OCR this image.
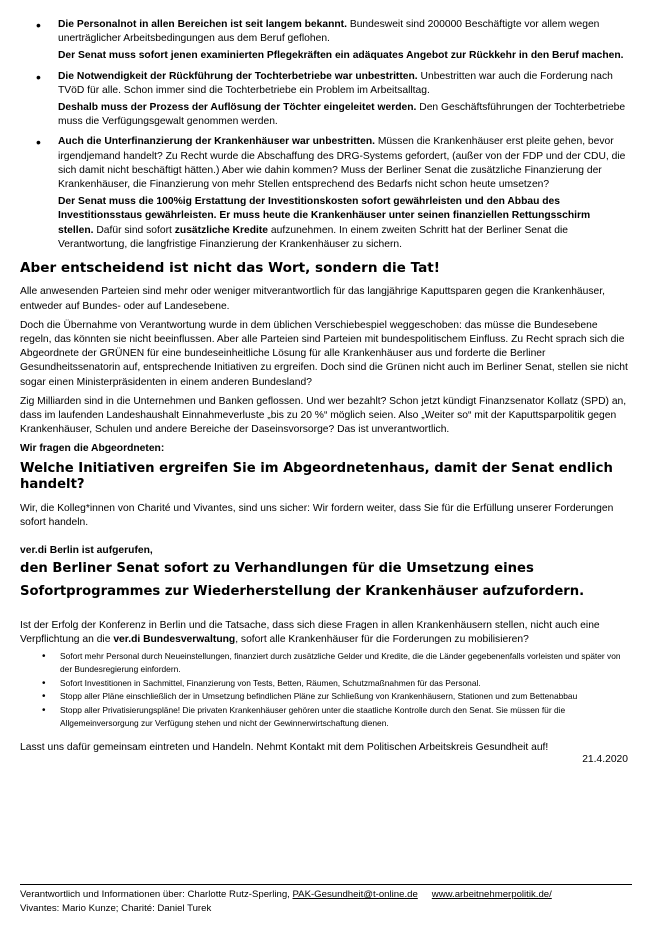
• Die Personalnot in allen Bereichen ist seit langem bekannt. Bundesweit sind 200000 Beschäftigte vor allem wegen unerträglicher Arbeitsbedingungen aus dem Beruf geflohen.

Der Senat muss sofort jenen examinierten Pflegekräften ein adäquates Angebot zur Rückkehr in den Beruf machen.

• Die Notwendigkeit der Rückführung der Tochterbetriebe war unbestritten. Unbestritten war auch die Forderung nach TVöD für alle. Schon immer sind die Tochterbetriebe ein Problem im Arbeitsalltag.

Deshalb muss der Prozess der Auflösung der Töchter eingeleitet werden. Den Geschäftsführungen der Tochterbetriebe muss die Verfügungsgewalt genommen werden.

• Auch die Unterfinanzierung der Krankenhäuser war unbestritten. Müssen die Krankenhäuser erst pleite gehen, bevor irgendjemand handelt? Zu Recht wurde die Abschaffung des DRG-Systems gefordert, (außer von der FDP und der CDU, die sich damit nicht beschäftigt hätten.) Aber wie dahin kommen? Muss der Berliner Senat die zusätzliche Finanzierung der Krankenhäuser, die Finanzierung von mehr Stellen entsprechend des Bedarfs nicht schon heute umsetzen?

Der Senat muss die 100%ig Erstattung der Investitionskosten sofort gewährleisten und den Abbau des Investitionsstaus gewährleisten. Er muss heute die Krankenhäuser unter seinen finanziellen Rettungsschirm stellen. Dafür sind sofort zusätzliche Kredite aufzunehmen. In einem zweiten Schritt hat der Berliner Senat die Verantwortung, die langfristige Finanzierung der Krankenhäuser zu sichern.

Aber entscheidend ist nicht das Wort, sondern die Tat!

Alle anwesenden Parteien sind mehr oder weniger mitverantwortlich für das langjährige Kaputtsparen gegen die Krankenhäuser, entweder auf Bundes- oder auf Landesebene.

Doch die Übernahme von Verantwortung wurde in dem üblichen Verschiebespiel weggeschoben: das müsse die Bundesebene regeln, das könnten sie nicht beeinflussen. Aber alle Parteien sind Parteien mit bundespolitischem Einfluss. Zu Recht sprach sich die Abgeordnete der GRÜNEN für eine bundeseinheitliche Lösung für alle Krankenhäuser aus und forderte die Berliner Gesundheitssenatorin auf, entsprechende Initiativen zu ergreifen. Doch sind die Grünen nicht auch im Berliner Senat, stellen sie nicht sogar einen Ministerpräsidenten in einem anderen Bundesland?

Zig Milliarden sind in die Unternehmen und Banken geflossen. Und wer bezahlt? Schon jetzt kündigt Finanzsenator Kollatz (SPD) an, dass im laufenden Landeshaushalt Einnahmeverluste „bis zu 20 %“ möglich seien. Also „Weiter so“ mit der Kaputtsparpolitik gegen Krankenhäuser, Schulen und andere Bereiche der Daseinsvorsorge? Das ist unverantwortlich.

Wir fragen die Abgeordneten:

Welche Initiativen ergreifen Sie im Abgeordnetenhaus, damit der Senat endlich handelt?

Wir, die Kolleg*innen von Charité und Vivantes, sind uns sicher: Wir fordern weiter, dass Sie für die Erfüllung unserer Forderungen sofort handeln.

ver.di Berlin ist aufgerufen,

den Berliner Senat sofort zu Verhandlungen für die Umsetzung eines
Sofortprogrammes zur Wiederherstellung der Krankenhäuser aufzufordern.

Ist der Erfolg der Konferenz in Berlin und die Tatsache, dass sich diese Fragen in allen Krankenhäusern stellen, nicht auch eine Verpflichtung an die ver.di Bundesverwaltung, sofort alle Krankenhäuser für die Forderungen zu mobilisieren?

• Sofort mehr Personal durch Neueinstellungen, finanziert durch zusätzliche Gelder und Kredite, die die Länder gegebenenfalls vorleisten und später von der Bundesregierung einfordern.
• Sofort Investitionen in Sachmittel, Finanzierung von Tests, Betten, Räumen, Schutzmaßnahmen für das Personal.
• Stopp aller Pläne einschließlich der in Umsetzung befindlichen Pläne zur Schließung von Krankenhäusern, Stationen und zum Bettenabbau
• Stopp aller Privatisierungspläne! Die privaten Krankenhäuser gehören unter die staatliche Kontrolle durch den Senat. Sie müssen für die Allgemeinversorgung zur Verfügung stehen und nicht der Gewinnerwirtschaftung dienen.

Lasst uns dafür gemeinsam eintreten und Handeln. Nehmt Kontakt mit dem Politischen Arbeitskreis Gesundheit auf!

21.4.2020
Verantwortlich und Informationen über: Charlotte Rutz-Sperling, PAK-Gesundheit@t-online.de www.arbeitnehmerpolitik.de/
Vivantes: Mario Kunze; Charité: Daniel Turek
